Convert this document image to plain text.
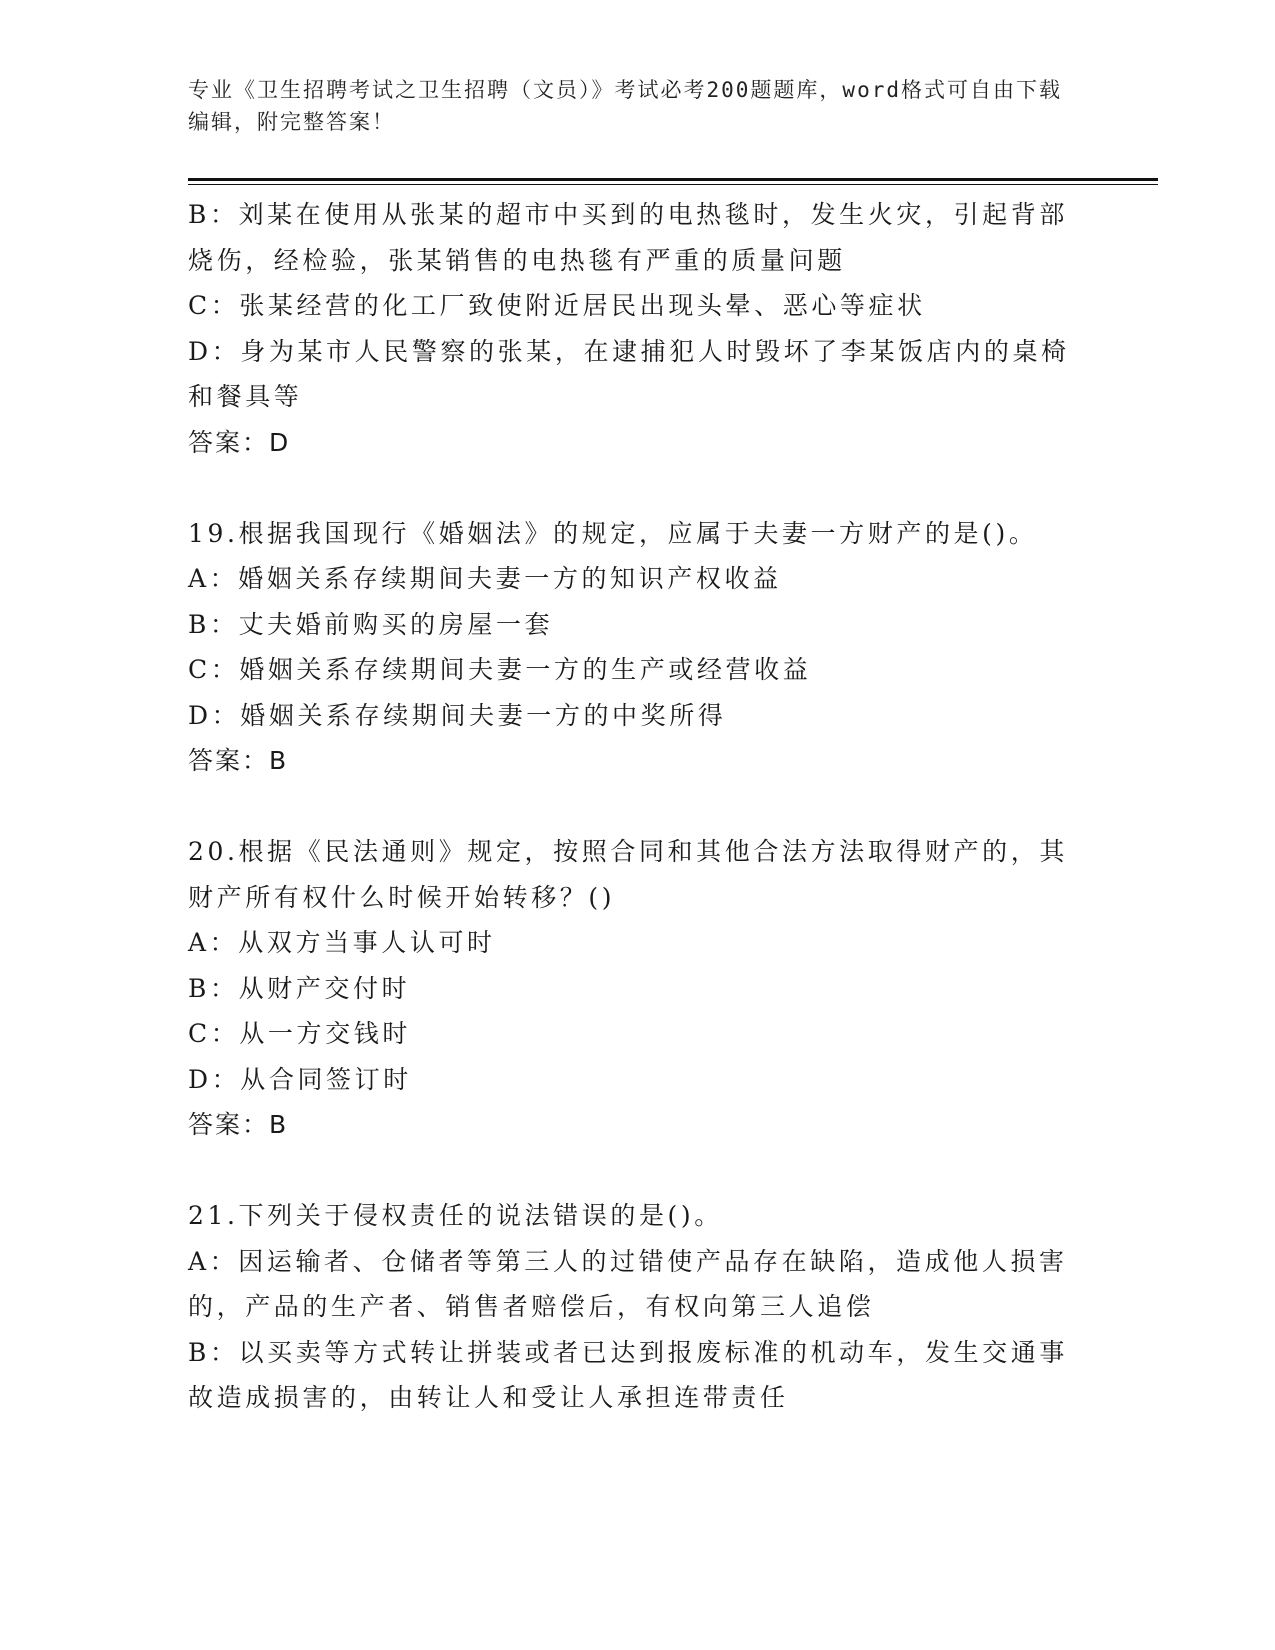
专业《卫生招聘考试之卫生招聘（文员）》考试必考200题题库，word格式可自由下载编辑，附完整答案！
B：刘某在使用从张某的超市中买到的电热毯时，发生火灾，引起背部
烧伤，经检验，张某销售的电热毯有严重的质量问题
C：张某经营的化工厂致使附近居民出现头晕、恶心等症状
D：身为某市人民警察的张某，在逮捕犯人时毁坏了李某饭店内的桌椅
和餐具等
答案：D
19.根据我国现行《婚姻法》的规定，应属于夫妻一方财产的是()。
A：婚姻关系存续期间夫妻一方的知识产权收益
B：丈夫婚前购买的房屋一套
C：婚姻关系存续期间夫妻一方的生产或经营收益
D：婚姻关系存续期间夫妻一方的中奖所得
答案：B
20.根据《民法通则》规定，按照合同和其他合法方法取得财产的，其
财产所有权什么时候开始转移？()
A：从双方当事人认可时
B：从财产交付时
C：从一方交钱时
D：从合同签订时
答案：B
21.下列关于侵权责任的说法错误的是()。
A：因运输者、仓储者等第三人的过错使产品存在缺陷，造成他人损害
的，产品的生产者、销售者赔偿后，有权向第三人追偿
B：以买卖等方式转让拼装或者已达到报废标准的机动车，发生交通事
故造成损害的，由转让人和受让人承担连带责任
